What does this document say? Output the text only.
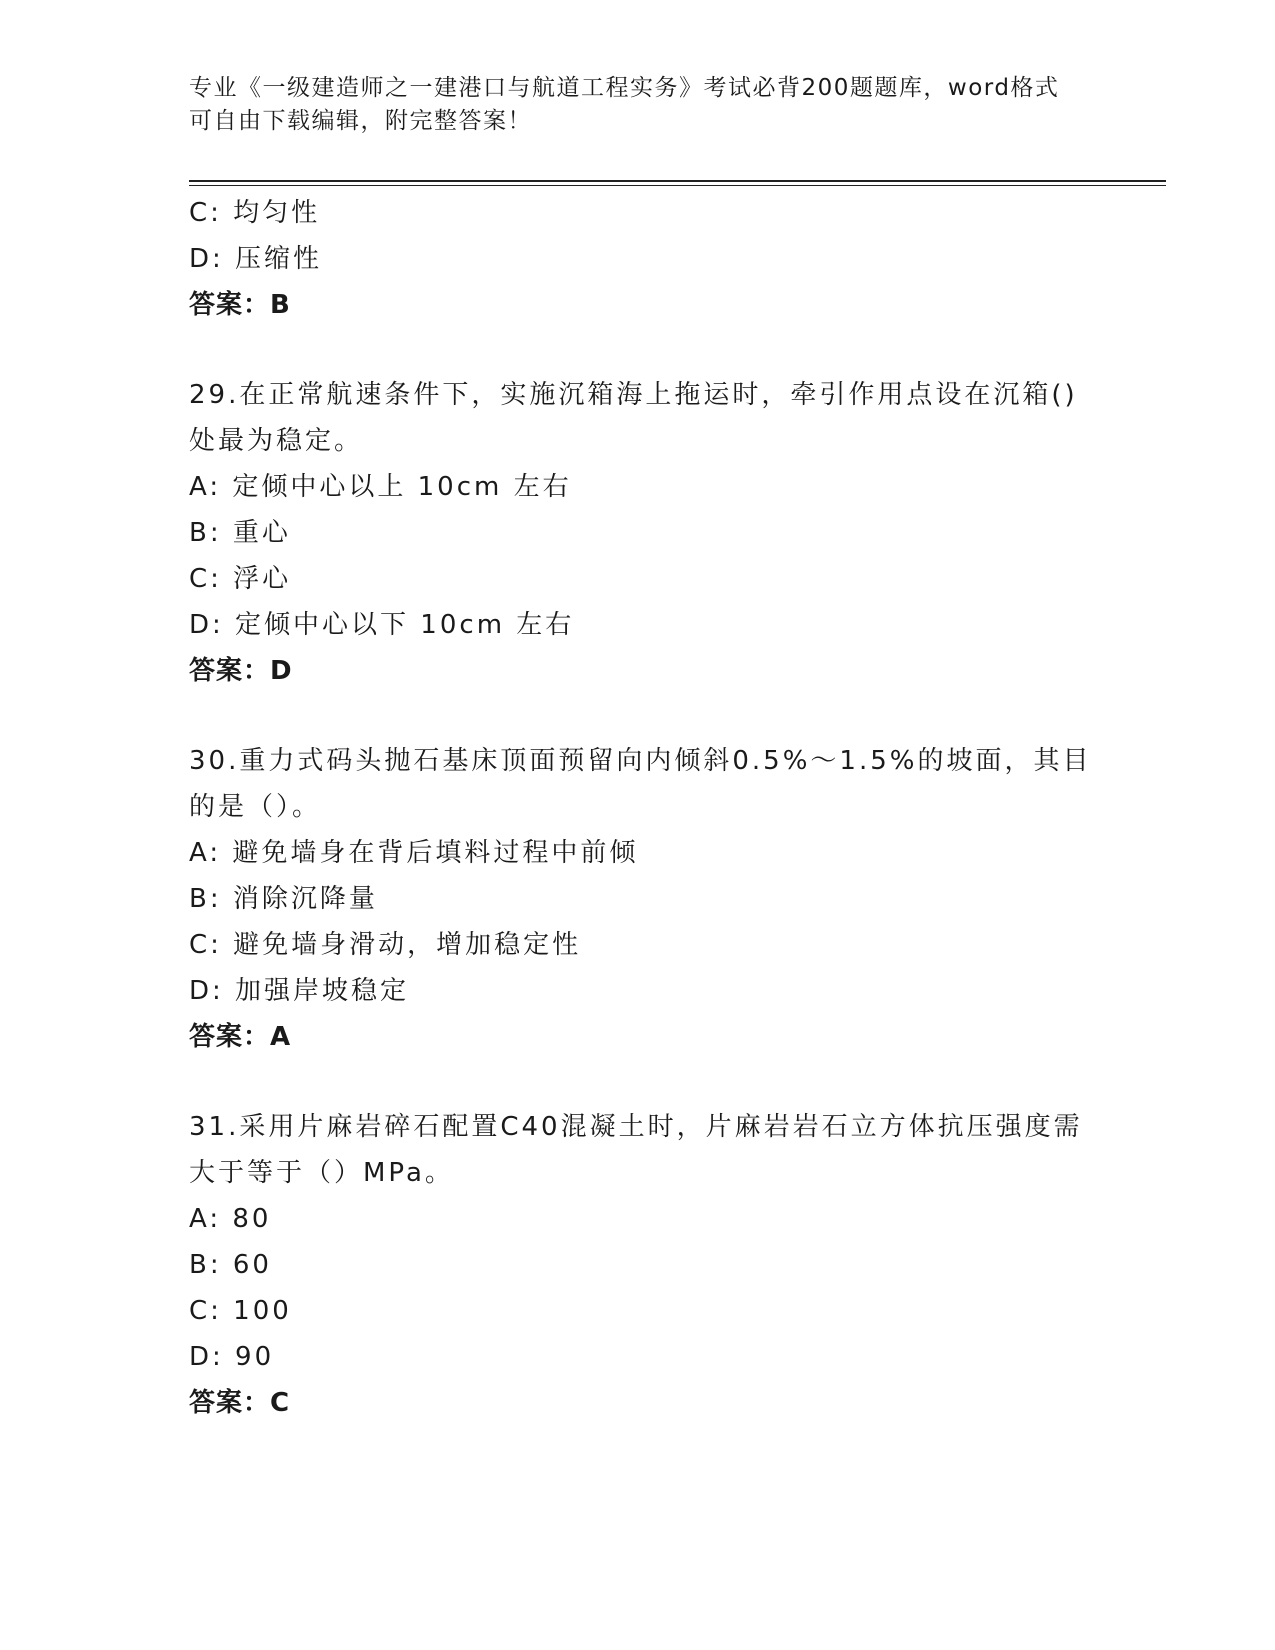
专业《一级建造师之一建港口与航道工程实务》考试必背200题题库，word格式
可自由下载编辑，附完整答案！
C: 均匀性
D: 压缩性
答案：B
29.在正常航速条件下，实施沉箱海上拖运时，牵引作用点设在沉箱()
处最为稳定。
A: 定倾中心以上 10cm 左右
B: 重心
C: 浮心
D: 定倾中心以下 10cm 左右
答案：D
30.重力式码头抛石基床顶面预留向内倾斜0.5%～1.5%的坡面，其目
的是（）。
A: 避免墙身在背后填料过程中前倾
B: 消除沉降量
C: 避免墙身滑动，增加稳定性
D: 加强岸坡稳定
答案：A
31.采用片麻岩碎石配置C40混凝土时，片麻岩岩石立方体抗压强度需
大于等于（）MPa。
A: 80
B: 60
C: 100
D: 90
答案：C
